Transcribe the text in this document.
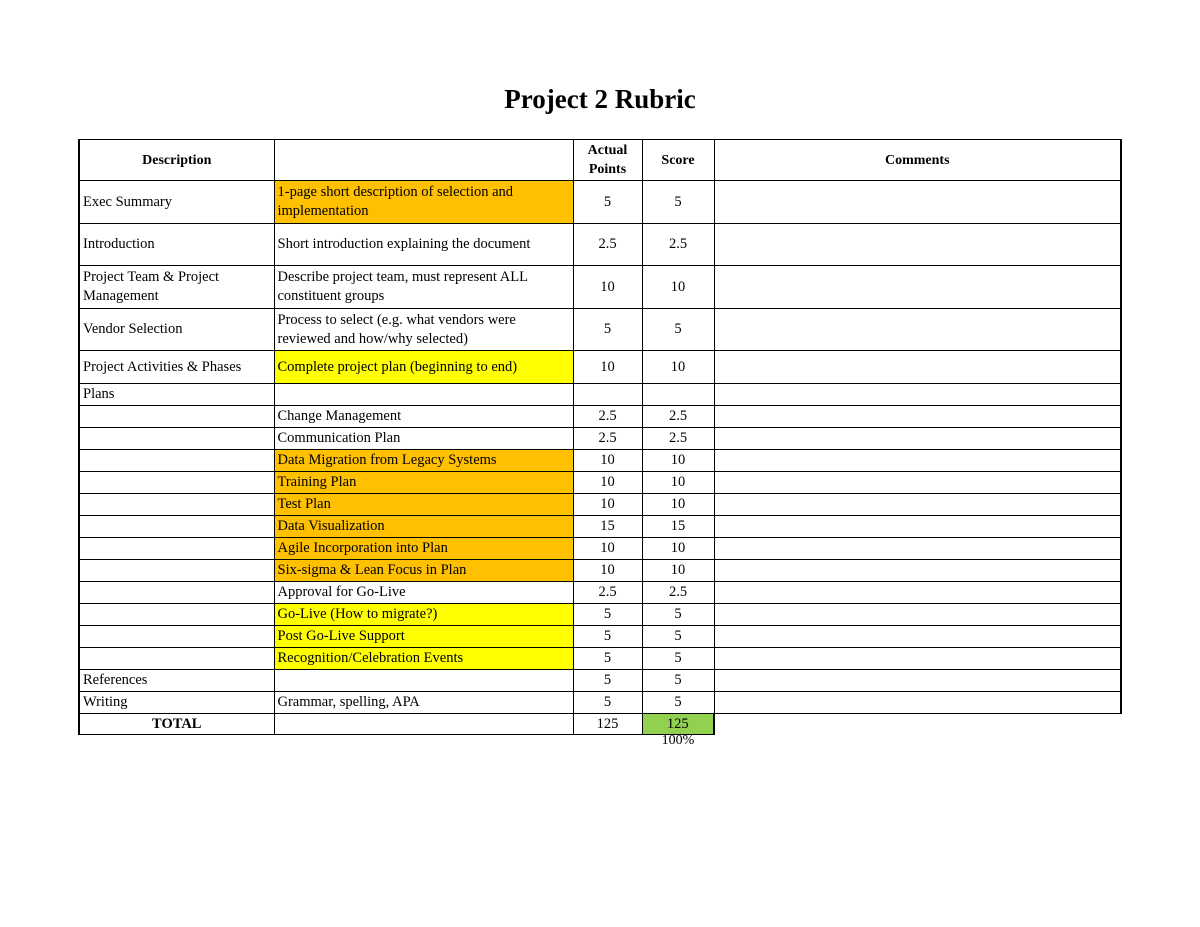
Project 2 Rubric
Description		Actual Points	Score	Comments
Exec Summary	1-page short description of selection and implementation	5	5	
Introduction	Short introduction explaining the document	2.5	2.5	
Project Team & Project Management	Describe project team, must represent ALL constituent groups	10	10	
Vendor Selection	Process to select (e.g. what vendors were reviewed and how/why selected)	5	5	
Project Activities & Phases	Complete project plan (beginning to end)	10	10	
Plans				
	Change Management	2.5	2.5	
	Communication Plan	2.5	2.5	
	Data Migration from Legacy Systems	10	10	
	Training Plan	10	10	
	Test Plan	10	10	
	Data Visualization	15	15	
	Agile Incorporation into Plan	10	10	
	Six-sigma & Lean Focus in Plan	10	10	
	Approval for Go-Live	2.5	2.5	
	Go-Live (How to migrate?)	5	5	
	Post Go-Live Support	5	5	
	Recognition/Celebration Events	5	5	
References		5	5	
Writing	Grammar, spelling, APA	5	5	
TOTAL		125	125	
100%
